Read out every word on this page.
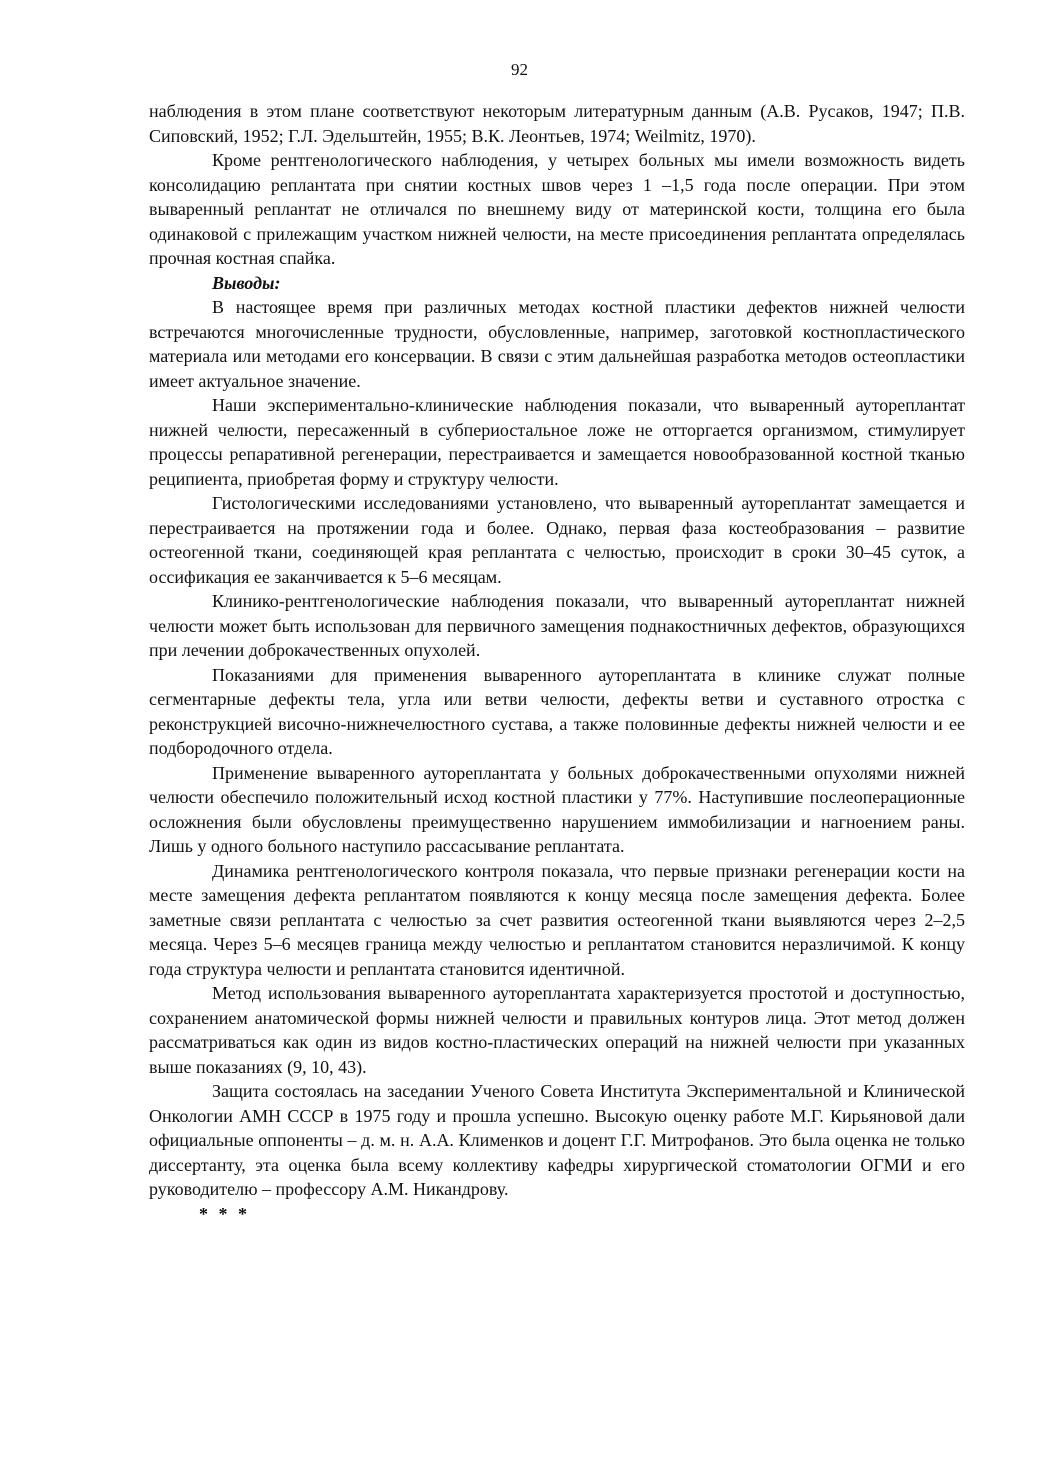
92

наблюдения в этом плане соответствуют некоторым литературным данным (А.В. Русаков, 1947; П.В. Сиповский, 1952; Г.Л. Эдельштейн, 1955; В.К. Леонтьев, 1974; Weilmitz, 1970).

Кроме рентгенологического наблюдения, у четырех больных мы имели возможность видеть консолидацию реплантата при снятии костных швов через 1 –1,5 года после операции. При этом вываренный реплантат не отличался по внешнему виду от материнской кости, толщина его была одинаковой с прилежащим участком нижней челюсти, на месте присоединения реплантата определялась прочная костная спайка.

Выводы:

В настоящее время при различных методах костной пластики дефектов нижней челюсти встречаются многочисленные трудности, обусловленные, например, заготовкой костнопластического материала или методами его консервации. В связи с этим дальнейшая разработка методов остеопластики имеет актуальное значение.

Наши экспериментально-клинические наблюдения показали, что вываренный аутореплантат нижней челюсти, пересаженный в субпериостальное ложе не отторгается организмом, стимулирует процессы репаративной регенерации, перестраивается и замещается новообразованной костной тканью реципиента, приобретая форму и структуру челюсти.

Гистологическими исследованиями установлено, что вываренный аутореплантат замещается и перестраивается на протяжении года и более. Однако, первая фаза костеобразования – развитие остеогенной ткани, соединяющей края реплантата с челюстью, происходит в сроки 30–45 суток, а оссификация ее заканчивается к 5–6 месяцам.

Клинико-рентгенологические наблюдения показали, что вываренный аутореплантат нижней челюсти может быть использован для первичного замещения поднакостничных дефектов, образующихся при лечении доброкачественных опухолей.

Показаниями для применения вываренного аутореплантата в клинике служат полные сегментарные дефекты тела, угла или ветви челюсти, дефекты ветви и суставного отростка с реконструкцией височно-нижнечелюстного сустава, а также половинные дефекты нижней челюсти и ее подбородочного отдела.

Применение вываренного аутореплантата у больных доброкачественными опухолями нижней челюсти обеспечило положительный исход костной пластики у 77%. Наступившие послеоперационные осложнения были обусловлены преимущественно нарушением иммобилизации и нагноением раны. Лишь у одного больного наступило рассасывание реплантата.

Динамика рентгенологического контроля показала, что первые признаки регенерации кости на месте замещения дефекта реплантатом появляются к концу месяца после замещения дефекта. Более заметные связи реплантата с челюстью за счет развития остеогенной ткани выявляются через 2–2,5 месяца. Через 5–6 месяцев граница между челюстью и реплантатом становится неразличимой. К концу года структура челюсти и реплантата становится идентичной.

Метод использования вываренного аутореплантата характеризуется простотой и доступностью, сохранением анатомической формы нижней челюсти и правильных контуров лица. Этот метод должен рассматриваться как один из видов костно-пластических операций на нижней челюсти при указанных выше показаниях (9, 10, 43).

Защита состоялась на заседании Ученого Совета Института Экспериментальной и Клинической Онкологии АМН СССР в 1975 году и прошла успешно. Высокую оценку работе М.Г. Кирьяновой дали официальные оппоненты – д. м. н. А.А. Клименков и доцент Г.Г. Митрофанов. Это была оценка не только диссертанту, эта оценка была всему коллективу кафедры хирургической стоматологии ОГМИ и его руководителю – профессору А.М. Никандрову.

* * *
